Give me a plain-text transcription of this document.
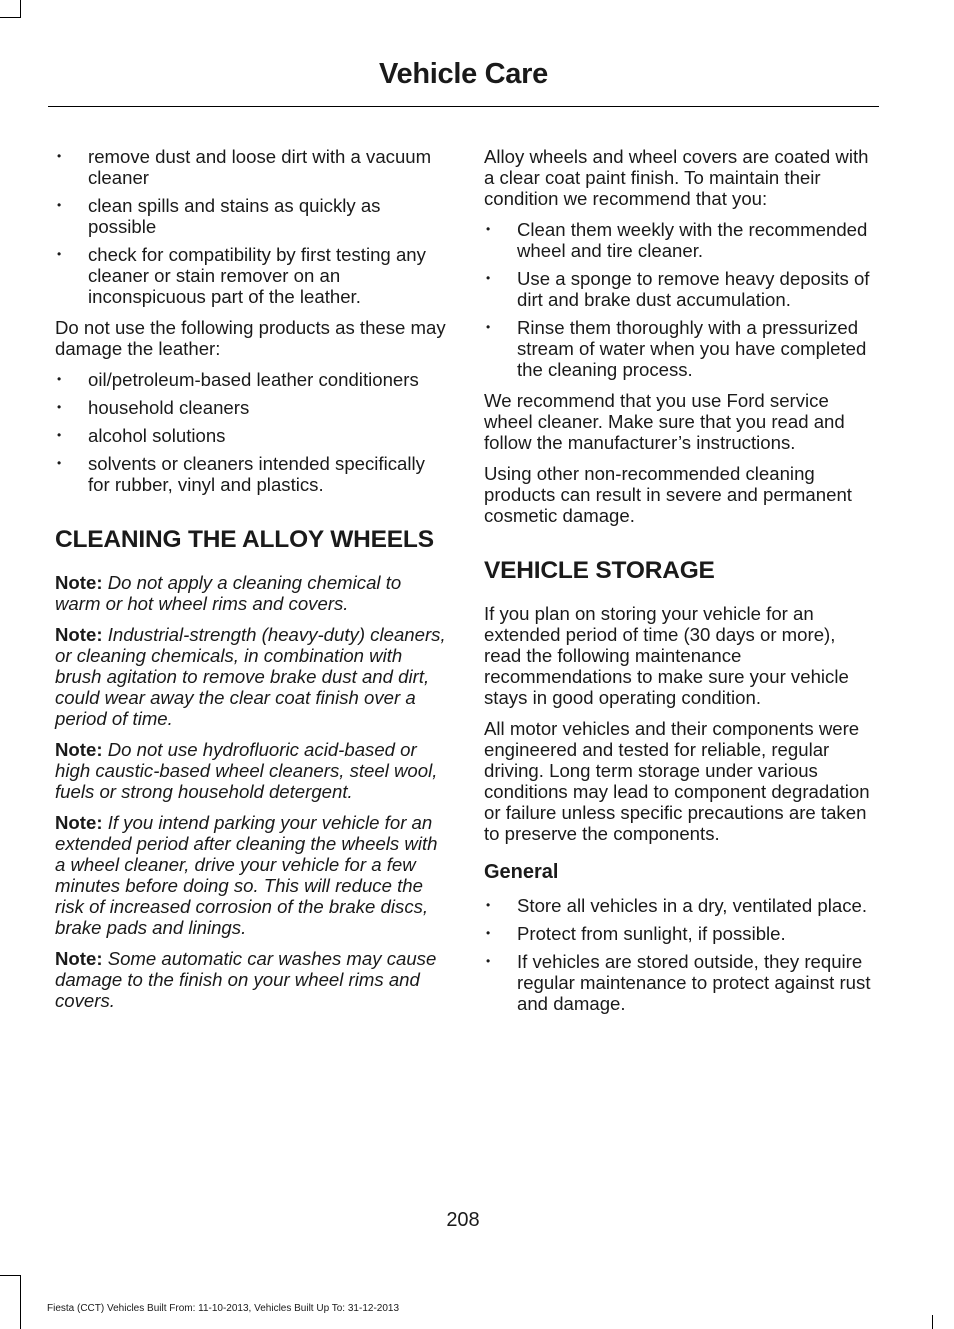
Vehicle Care
• remove dust and loose dirt with a vacuum cleaner
• clean spills and stains as quickly as possible
• check for compatibility by first testing any cleaner or stain remover on an inconspicuous part of the leather.

Do not use the following products as these may damage the leather:

• oil/petroleum-based leather conditioners
• household cleaners
• alcohol solutions
• solvents or cleaners intended specifically for rubber, vinyl and plastics.
CLEANING THE ALLOY WHEELS

Note: Do not apply a cleaning chemical to warm or hot wheel rims and covers.

Note: Industrial-strength (heavy-duty) cleaners, or cleaning chemicals, in combination with brush agitation to remove brake dust and dirt, could wear away the clear coat finish over a period of time.

Note: Do not use hydrofluoric acid-based or high caustic-based wheel cleaners, steel wool, fuels or strong household detergent.

Note: If you intend parking your vehicle for an extended period after cleaning the wheels with a wheel cleaner, drive your vehicle for a few minutes before doing so. This will reduce the risk of increased corrosion of the brake discs, brake pads and linings.

Note: Some automatic car washes may cause damage to the finish on your wheel rims and covers.

Alloy wheels and wheel covers are coated with a clear coat paint finish. To maintain their condition we recommend that you:

• Clean them weekly with the recommended wheel and tire cleaner.
• Use a sponge to remove heavy deposits of dirt and brake dust accumulation.
• Rinse them thoroughly with a pressurized stream of water when you have completed the cleaning process.

We recommend that you use Ford service wheel cleaner. Make sure that you read and follow the manufacturer’s instructions.

Using other non-recommended cleaning products can result in severe and permanent cosmetic damage.

VEHICLE STORAGE

If you plan on storing your vehicle for an extended period of time (30 days or more), read the following maintenance recommendations to make sure your vehicle stays in good operating condition.

All motor vehicles and their components were engineered and tested for reliable, regular driving. Long term storage under various conditions may lead to component degradation or failure unless specific precautions are taken to preserve the components.

General
• Store all vehicles in a dry, ventilated place.
• Protect from sunlight, if possible.
• If vehicles are stored outside, they require regular maintenance to protect against rust and damage.
208
Fiesta (CCT) Vehicles Built From: 11-10-2013, Vehicles Built Up To: 31-12-2013
